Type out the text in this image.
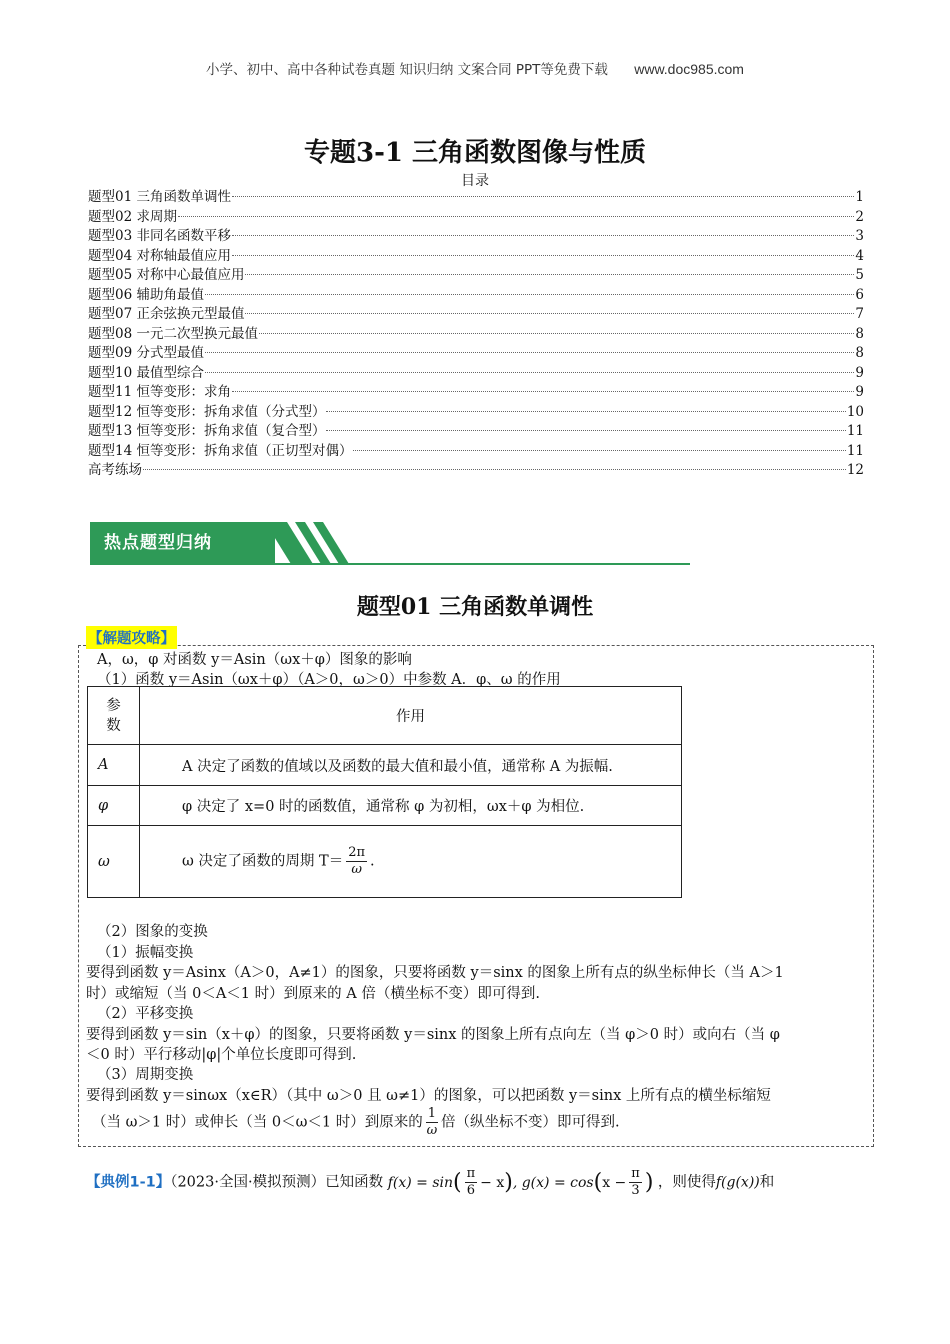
小学、初中、高中各种试卷真题 知识归纳 文案合同 PPT等免费下载 www.doc985.com
专题3-1 三角函数图像与性质
目录
题型01 三角函数单调性	1
题型02 求周期	2
题型03 非同名函数平移	3
题型04 对称轴最值应用	4
题型05 对称中心最值应用	5
题型06 辅助角最值	6
题型07 正余弦换元型最值	7
题型08 一元二次型换元最值	8
题型09 分式型最值	8
题型10 最值型综合	9
题型11 恒等变形：求角	9
题型12 恒等变形：拆角求值（分式型）	10
题型13 恒等变形：拆角求值（复合型）	11
题型14 恒等变形：拆角求值（正切型对偶）	11
高考练场	12
热点题型归纳
题型01 三角函数单调性
【解题攻略】
A，ω，φ 对函数 y＝Asin（ωx＋φ）图象的影响
（1）函数 y＝Asin（ωx＋φ）（A＞0，ω＞0）中参数 A．φ、ω 的作用
参数	作用
A	A 决定了函数的值域以及函数的最大值和最小值，通常称 A 为振幅.
φ	φ 决定了 x=0 时的函数值，通常称 φ 为初相，ωx＋φ 为相位.
ω	ω 决定了函数的周期 $T= \frac{2\pi}{\omega}$ .
（2）图象的变换
（1）振幅变换
要得到函数 y＝Asinx（A＞0，A≠1）的图象，只要将函数 y＝sinx 的图象上所有点的纵坐标伸长（当 A＞1
时）或缩短（当 0＜A＜1 时）到原来的 A 倍（横坐标不变）即可得到.
（2）平移变换
要得到函数 y＝sin（x＋φ）的图象，只要将函数 y＝sinx 的图象上所有点向左（当 φ＞0 时）或向右（当 φ
＜0 时）平行移动|φ|个单位长度即可得到.
（3）周期变换
要得到函数 y＝sinωx（x∈R）（其中 ω＞0 且 ω≠1）的图象，可以把函数 y＝sinx 上所有点的横坐标缩短
（当 ω＞1 时）或伸长（当 0＜ω＜1 时）到原来的 $\frac{1}{\omega}$ 倍（纵坐标不变）即可得到.
【典例1-1】（2023·全国·模拟预测）已知函数 $f(x) = \sin( \frac{\pi}{6} - x)$, $g(x) = \cos(x - \frac{\pi}{3}$ ) ，则使得f(g(x))和
